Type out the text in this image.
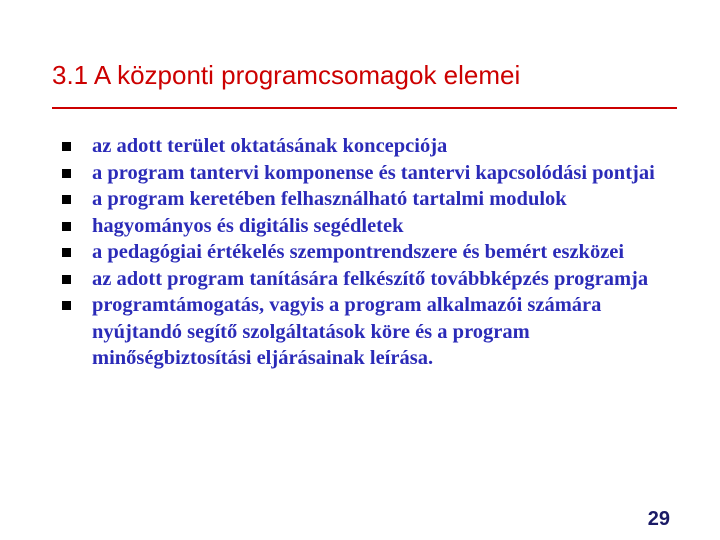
3.1 A központi programcsomagok elemei
az adott terület oktatásának koncepciója
a program tantervi komponense és tantervi kapcsolódási pontjai
a program keretében felhasználható tartalmi modulok
hagyományos és digitális segédletek
a pedagógiai értékelés szempontrendszere és bemért eszközei
az adott program tanítására felkészítő továbbképzés programja
programtámogatás, vagyis a program alkalmazói számára nyújtandó segítő szolgáltatások köre és a program minőségbiztosítási eljárásainak leírása.
29
